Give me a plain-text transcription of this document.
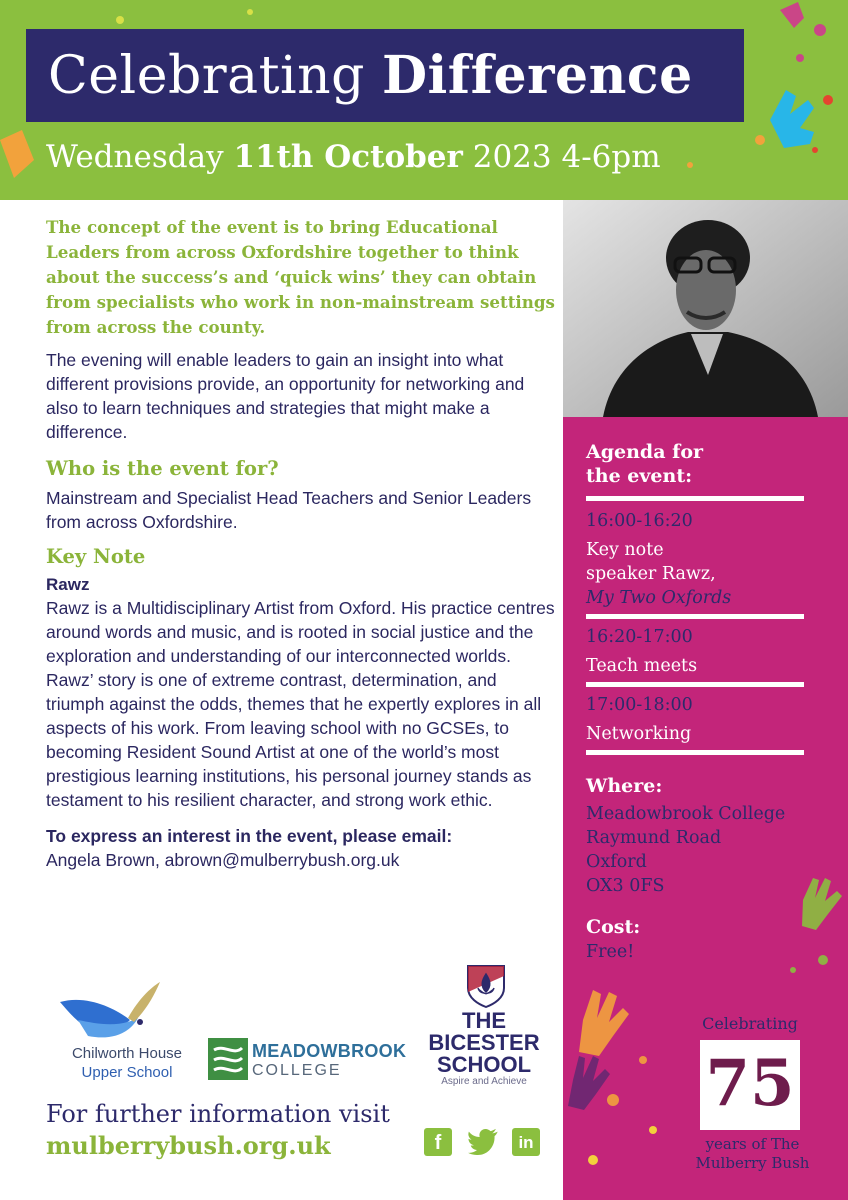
Celebrating Difference
Wednesday 11th October 2023 4-6pm

The concept of the event is to bring Educational Leaders from across Oxfordshire together to think about the success’s and ‘quick wins’ they can obtain from specialists who work in non-mainstream settings from across the county.

The evening will enable leaders to gain an insight into what different provisions provide, an opportunity for networking and also to learn techniques and strategies that might make a difference.

Who is the event for?

Mainstream and Specialist Head Teachers and Senior Leaders from across Oxfordshire.

Key Note

Rawz

Rawz is a Multidisciplinary Artist from Oxford. His practice centres around words and music, and is rooted in social justice and the exploration and understanding of our interconnected worlds. Rawz’ story is one of extreme contrast, determination, and triumph against the odds, themes that he expertly explores in all aspects of his work. From leaving school with no GCSEs, to becoming Resident Sound Artist at one of the world’s most prestigious learning institutions, his personal journey stands as testament to his resilient character, and strong work ethic.

To express an interest in the event, please email:

Angela Brown, abrown@mulberrybush.org.uk

Chilworth House
Upper School
MEADOWBROOK
COLLEGE
THE
BICESTER
SCHOOL
Aspire and Achieve
For further information visit
mulberrybush.org.uk	f	in
Agenda for
the event:
16:00-16:20
Key note
speaker Rawz,
My Two Oxfords
16:20-17:00
Teach meets
17:00-18:00
Networking
Where:
Meadowbrook College
Raymund Road
Oxford
OX3 0FS
Cost:
Free!
Celebrating
75
years of The
Mulberry Bush
